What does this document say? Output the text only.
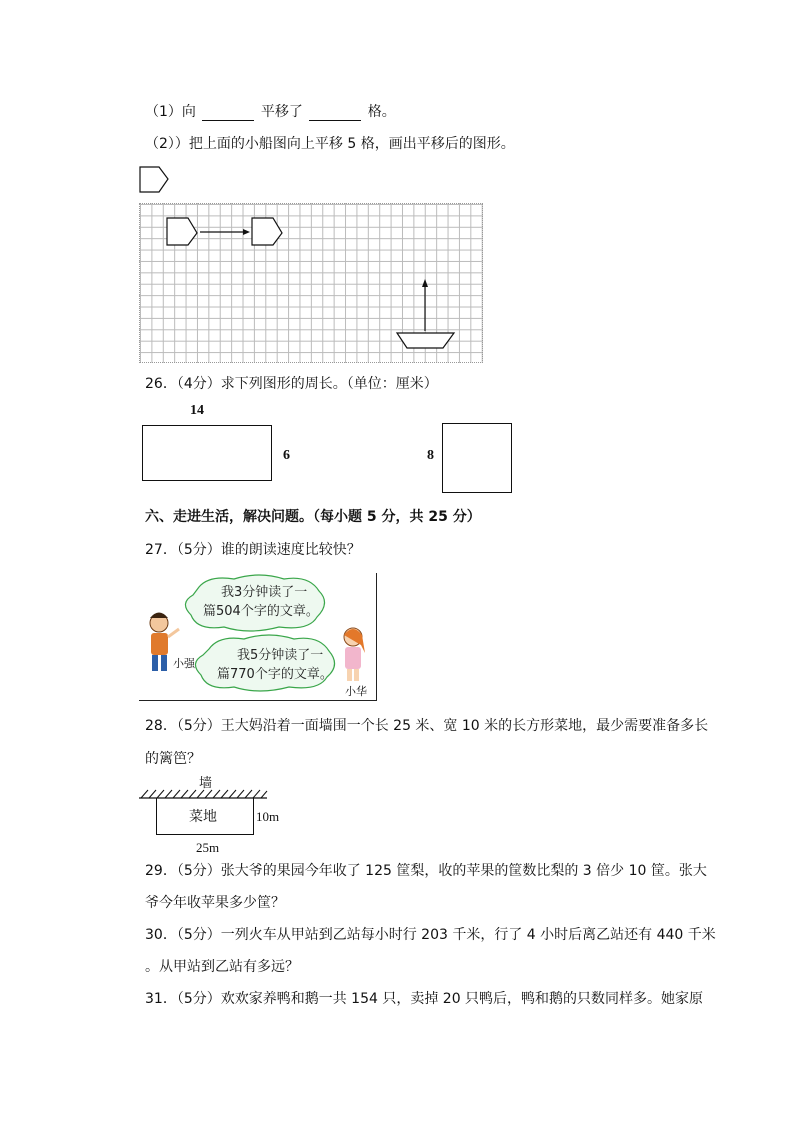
（1）向	平移了	格。
（2））把上面的小船图向上平移 5 格，画出平移后的图形。
26．（4分）求下列图形的周长。（单位：厘米）
14
6	8
六、走进生活，解决问题。（每小题 5 分，共 25 分）
27．（5分）谁的朗读速度比较快？
我3分钟读了一
篇504个字的文章。
我5分钟读了一
篇770个字的文章。
小强
小华
28．（5分）王大妈沿着一面墙围一个长 25 米、宽 10 米的长方形菜地，最少需要准备多长
的篱笆？
墙
菜地	10m
25m
29．（5分）张大爷的果园今年收了 125 筐梨，收的苹果的筐数比梨的 3 倍少 10 筐。张大
爷今年收苹果多少筐？
30．（5分）一列火车从甲站到乙站每小时行 203 千米，行了 4 小时后离乙站还有 440 千米
。从甲站到乙站有多远？
31．（5分）欢欢家养鸭和鹅一共 154 只，卖掉 20 只鸭后，鸭和鹅的只数同样多。她家原
